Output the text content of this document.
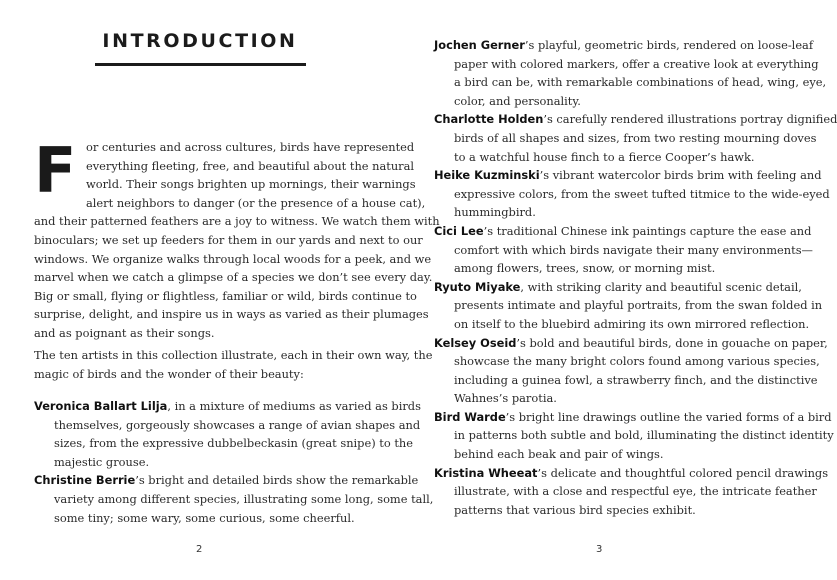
INTRODUCTION
F or centuries and across cultures, birds have represented

everything fleeting, free, and beautiful about the natural

world. Their songs brighten up mornings, their warnings

alert neighbors to danger (or the presence of a house cat),

and their patterned feathers are a joy to witness. We watch them with

binoculars; we set up feeders for them in our yards and next to our

windows. We organize walks through local woods for a peek, and we

marvel when we catch a glimpse of a species we don’t see every day.

Big or small, flying or flightless, familiar or wild, birds continue to

surprise, delight, and inspire us in ways as varied as their plumages

and as poignant as their songs.

The ten artists in this collection illustrate, each in their own way, the

magic of birds and the wonder of their beauty:

Veronica Ballart Lilja, in a mixture of mediums as varied as birds
themselves, gorgeously showcases a range of avian shapes and
sizes, from the expressive dubbelbeckasin (great snipe) to the
majestic grouse.
Christine Berrie’s bright and detailed birds show the remarkable
variety among different species, illustrating some long, some tall,
some tiny; some wary, some curious, some cheerful.
2
Jochen Gerner’s playful, geometric birds, rendered on loose-leaf
paper with colored markers, offer a creative look at everything
a bird can be, with remarkable combinations of head, wing, eye,
color, and personality.
Charlotte Holden’s carefully rendered illustrations portray dignified
birds of all shapes and sizes, from two resting mourning doves
to a watchful house finch to a fierce Cooper’s hawk.
Heike Kuzminski’s vibrant watercolor birds brim with feeling and
expressive colors, from the sweet tufted titmice to the wide-eyed
hummingbird.
Cici Lee’s traditional Chinese ink paintings capture the ease and
comfort with which birds navigate their many environments—
among flowers, trees, snow, or morning mist.
Ryuto Miyake, with striking clarity and beautiful scenic detail,
presents intimate and playful portraits, from the swan folded in
on itself to the bluebird admiring its own mirrored reflection.
Kelsey Oseid’s bold and beautiful birds, done in gouache on paper,
showcase the many bright colors found among various species,
including a guinea fowl, a strawberry finch, and the distinctive
Wahnes’s parotia.
Bird Warde’s bright line drawings outline the varied forms of a bird
in patterns both subtle and bold, illuminating the distinct identity
behind each beak and pair of wings.
Kristina Wheeat’s delicate and thoughtful colored pencil drawings
illustrate, with a close and respectful eye, the intricate feather
patterns that various bird species exhibit.
3
